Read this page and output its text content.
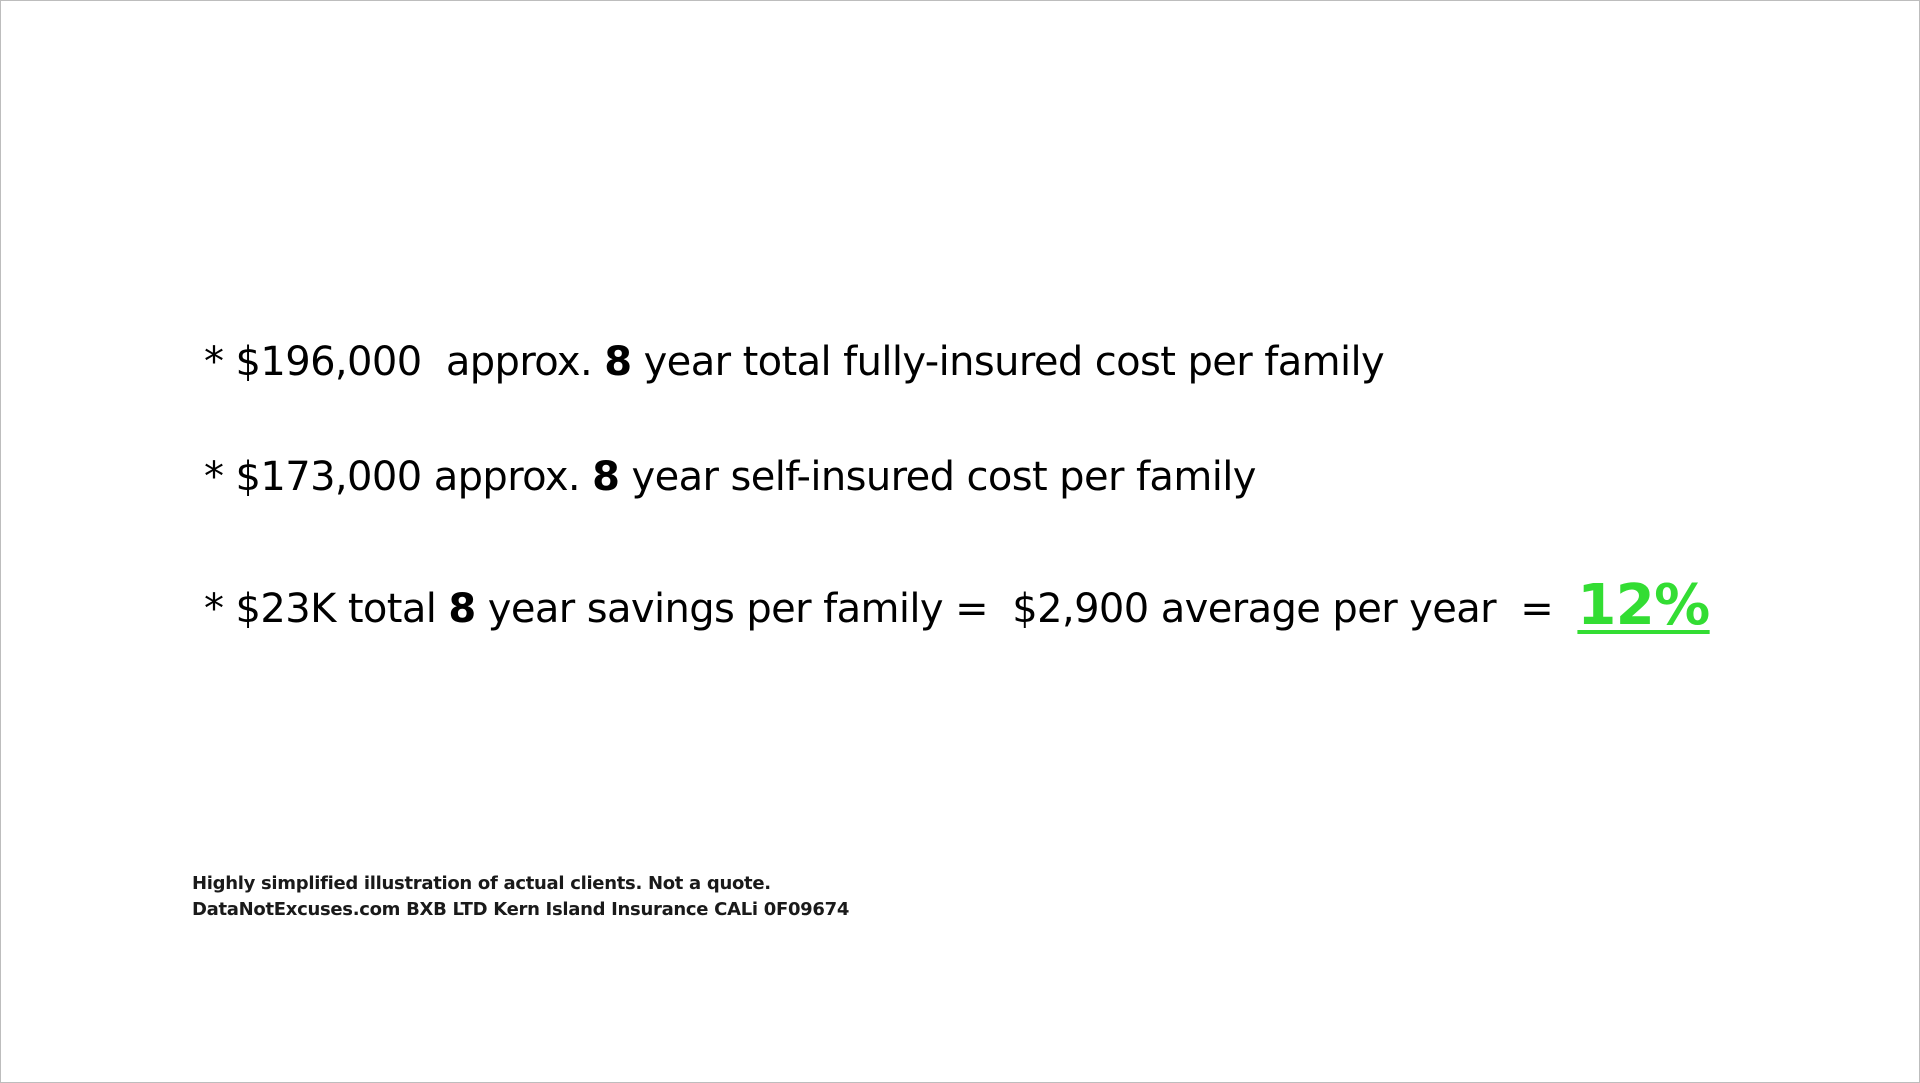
* $196,000 approx. 8 year total fully-insured cost per family
* $173,000 approx. 8 year self-insured cost per family
* $23K total 8 year savings per family = $2,900 average per year = 12%
Highly simplified illustration of actual clients. Not a quote.
DataNotExcuses.com BXB LTD Kern Island Insurance CALi 0F09674
